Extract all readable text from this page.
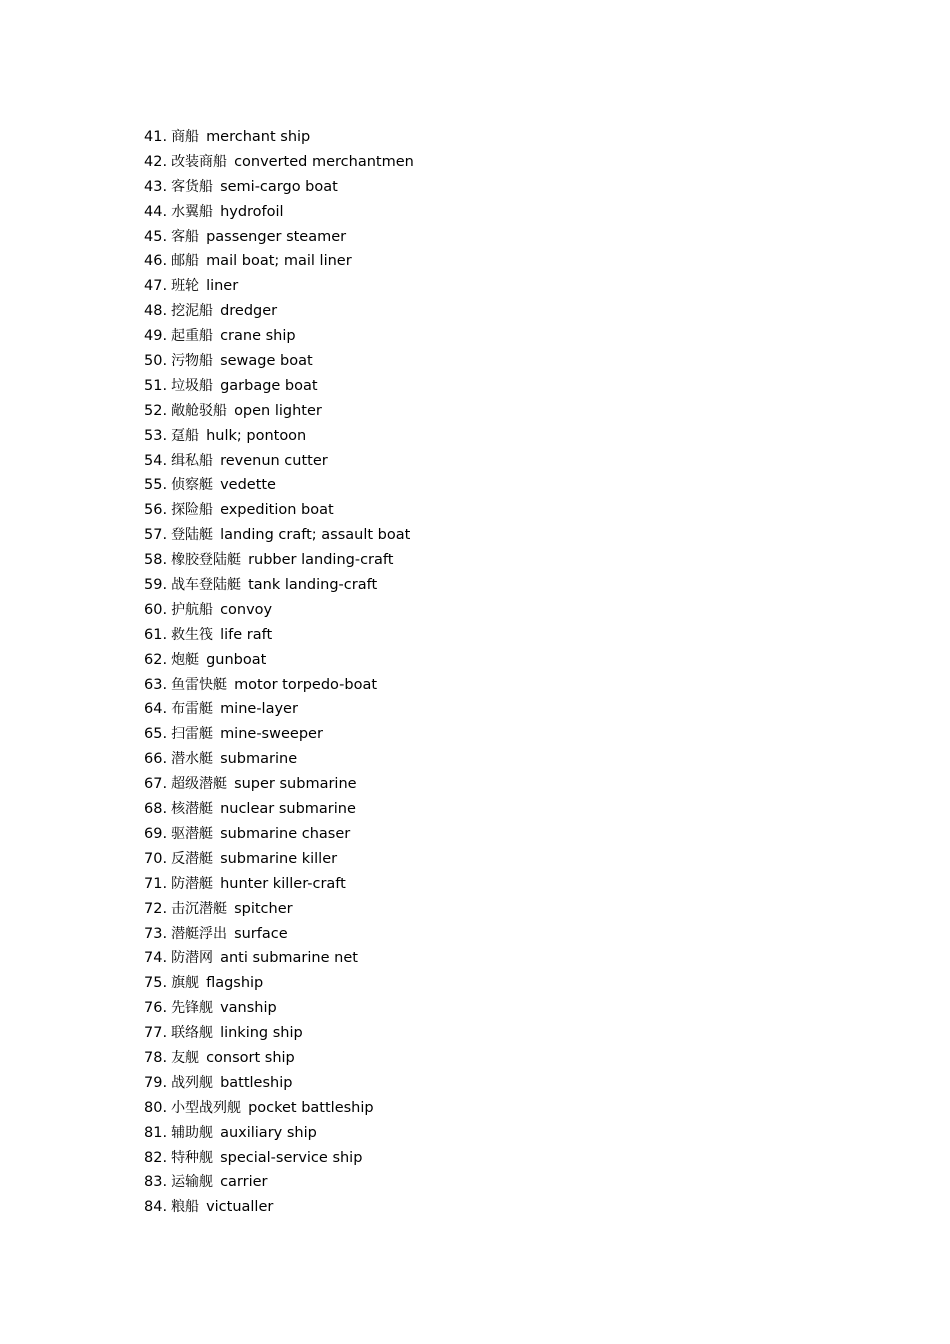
41. 商船 merchant ship
42. 改装商船 converted merchantmen
43. 客货船 semi-cargo boat
44. 水翼船 hydrofoil
45. 客船 passenger steamer
46. 邮船 mail boat; mail liner
47. 班轮 liner
48. 挖泥船 dredger
49. 起重船 crane ship
50. 污物船 sewage boat
51. 垃圾船 garbage boat
52. 敞舱驳船 open lighter
53. 趸船 hulk; pontoon
54. 缉私船 revenun cutter
55. 侦察艇 vedette
56. 探险船 expedition boat
57. 登陆艇 landing craft; assault boat
58. 橡胶登陆艇 rubber landing-craft
59. 战车登陆艇 tank landing-craft
60. 护航船 convoy
61. 救生筏 life raft
62. 炮艇 gunboat
63. 鱼雷快艇 motor torpedo-boat
64. 布雷艇 mine-layer
65. 扫雷艇 mine-sweeper
66. 潜水艇 submarine
67. 超级潜艇 super submarine
68. 核潜艇 nuclear submarine
69. 驱潜艇 submarine chaser
70. 反潜艇 submarine killer
71. 防潜艇 hunter killer-craft
72. 击沉潜艇 spitcher
73. 潜艇浮出 surface
74. 防潜网 anti submarine net
75. 旗舰 flagship
76. 先锋舰 vanship
77. 联络舰 linking ship
78. 友舰 consort ship
79. 战列舰 battleship
80. 小型战列舰 pocket battleship
81. 辅助舰 auxiliary ship
82. 特种舰 special-service ship
83. 运输舰 carrier
84. 粮船 victualler
